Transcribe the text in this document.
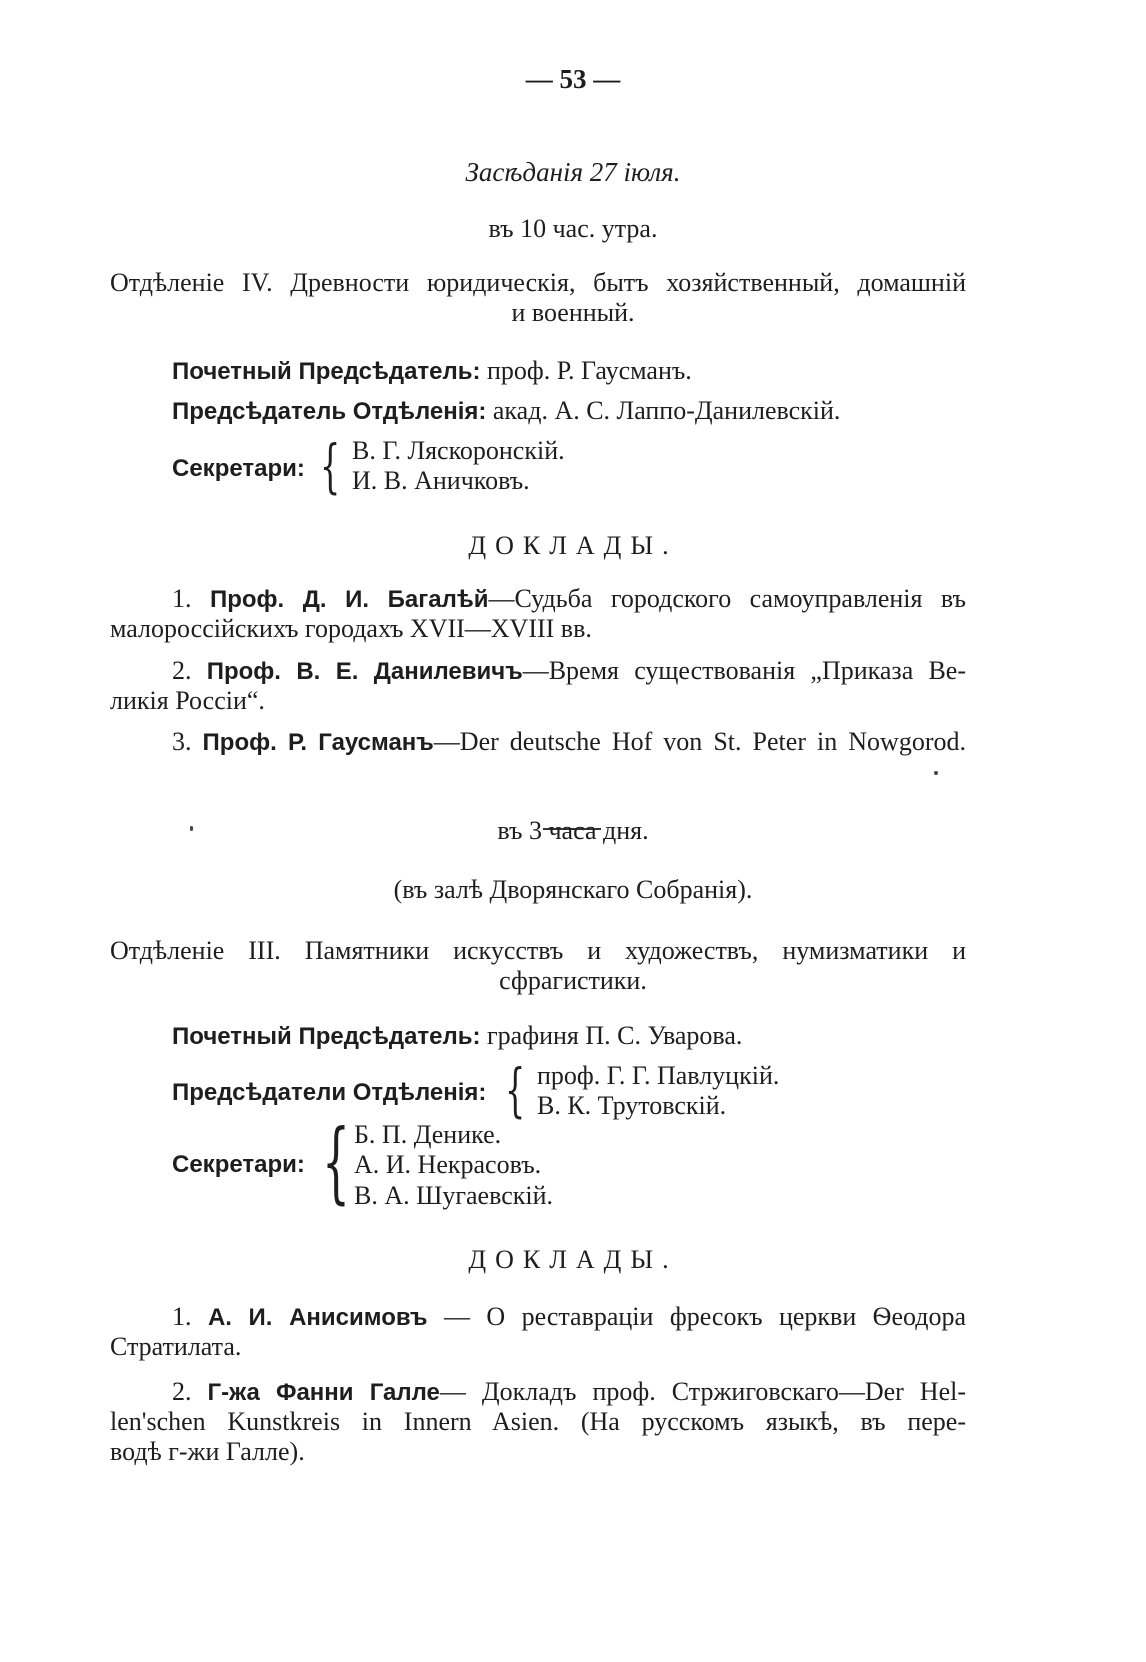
— 53 —
Засѣданія 27 іюля.
въ 10 час. утра.
Отдѣленіе IV. Древности юридическія, бытъ хозяйственный, домашній
и военный.
Почетный Предсѣдатель: проф. Р. Гаусманъ.
Предсѣдатель Отдѣленія: акад. А. С. Лаппо-Данилевскій.
Секретари: { В. Г. Ляскоронскій.
И. В. Аничковъ.
ДОКЛАДЫ.
1. Проф. Д. И. Багалѣй—Судьба городского самоуправленія въ
малороссійскихъ городахъ XVII—XVIII вв.
2. Проф. В. Е. Данилевичъ—Время существованія „Приказа Ве-
ликія Россіи“.
3. Проф. Р. Гаусманъ—Der deutsche Hof von St. Peter in Nowgorod.
въ 3 часа дня.
(въ залѣ Дворянскаго Собранія).
Отдѣленіе III. Памятники искусствъ и художествъ, нумизматики и
сфрагистики.
Почетный Предсѣдатель: графиня П. С. Уварова.
Предсѣдатели Отдѣленія: { проф. Г. Г. Павлуцкій.
В. К. Трутовскій.
Секретари: { Б. П. Денике.
А. И. Некрасовъ.
В. А. Шугаевскій.
ДОКЛАДЫ.
1. А. И. Анисимовъ — О реставраціи фресокъ церкви Ѳеодора
Стратилата.
2. Г-жа Фанни Галле— Докладъ проф. Стржиговскаго—Der Hel-
len'schen Kunstkreis in Innern Asien. (На русскомъ языкѣ, въ пере-
водѣ г-жи Галле).
